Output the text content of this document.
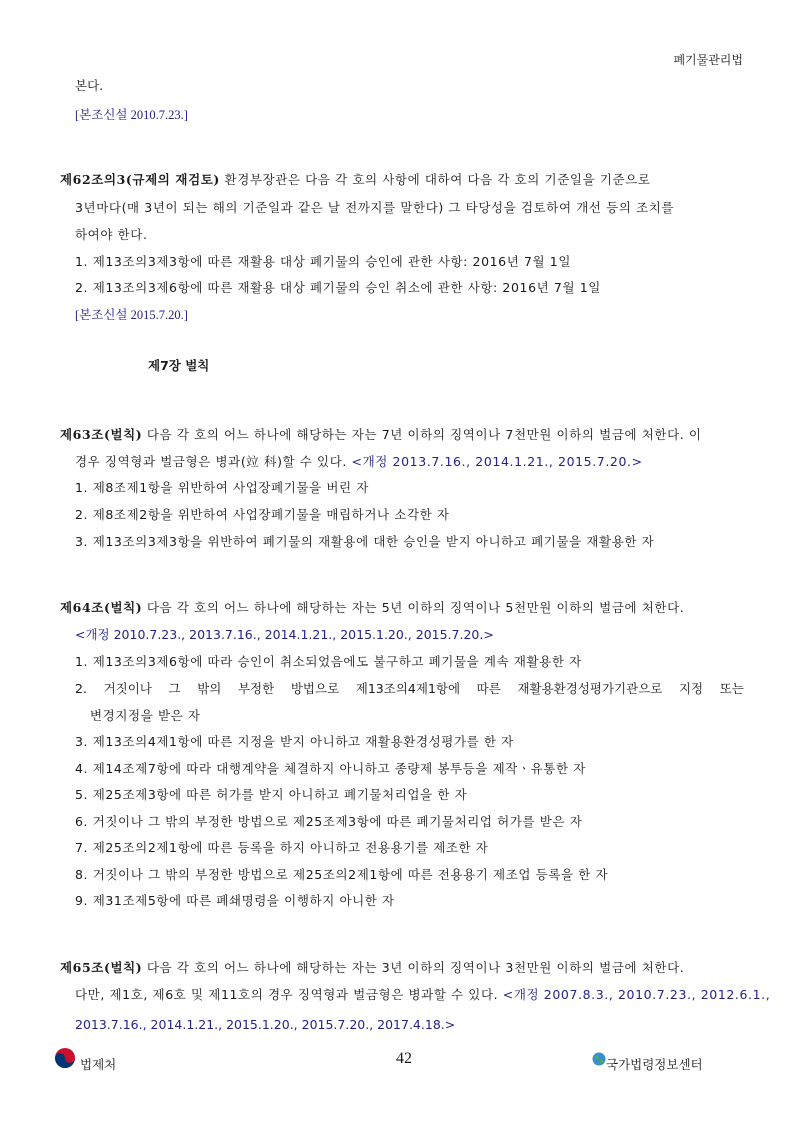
폐기물관리법
본다.
[본조신설 2010.7.23.]
제62조의3(규제의 재검토) 환경부장관은 다음 각 호의 사항에 대하여 다음 각 호의 기준일을 기준으로
3년마다(매 3년이 되는 해의 기준일과 같은 날 전까지를 말한다) 그 타당성을 검토하여 개선 등의 조치를
하여야 한다.
1. 제13조의3제3항에 따른 재활용 대상 폐기물의 승인에 관한 사항: 2016년 7월 1일
2. 제13조의3제6항에 따른 재활용 대상 폐기물의 승인 취소에 관한 사항: 2016년 7월 1일
[본조신설 2015.7.20.]
제7장 벌칙
제63조(벌칙) 다음 각 호의 어느 하나에 해당하는 자는 7년 이하의 징역이나 7천만원 이하의 벌금에 처한다. 이
경우 징역형과 벌금형은 병과(竝 科)할 수 있다. <개정 2013.7.16., 2014.1.21., 2015.7.20.>
1. 제8조제1항을 위반하여 사업장폐기물을 버린 자
2. 제8조제2항을 위반하여 사업장폐기물을 매립하거나 소각한 자
3. 제13조의3제3항을 위반하여 폐기물의 재활용에 대한 승인을 받지 아니하고 폐기물을 재활용한 자
제64조(벌칙) 다음 각 호의 어느 하나에 해당하는 자는 5년 이하의 징역이나 5천만원 이하의 벌금에 처한다.
<개정 2010.7.23., 2013.7.16., 2014.1.21., 2015.1.20., 2015.7.20.>
1. 제13조의3제6항에 따라 승인이 취소되었음에도 불구하고 폐기물을 계속 재활용한 자
2. 거짓이나 그 밖의 부정한 방법으로 제13조의4제1항에 따른 재활용환경성평가기관으로 지정 또는
변경지정을 받은 자
3. 제13조의4제1항에 따른 지정을 받지 아니하고 재활용환경성평가를 한 자
4. 제14조제7항에 따라 대행계약을 체결하지 아니하고 종량제 봉투등을 제작ㆍ유통한 자
5. 제25조제3항에 따른 허가를 받지 아니하고 폐기물처리업을 한 자
6. 거짓이나 그 밖의 부정한 방법으로 제25조제3항에 따른 폐기물처리업 허가를 받은 자
7. 제25조의2제1항에 따른 등록을 하지 아니하고 전용용기를 제조한 자
8. 거짓이나 그 밖의 부정한 방법으로 제25조의2제1항에 따른 전용용기 제조업 등록을 한 자
9. 제31조제5항에 따른 폐쇄명령을 이행하지 아니한 자
제65조(벌칙) 다음 각 호의 어느 하나에 해당하는 자는 3년 이하의 징역이나 3천만원 이하의 벌금에 처한다.
다만, 제1호, 제6호 및 제11호의 경우 징역형과 벌금형은 병과할 수 있다. <개정 2007.8.3., 2010.7.23., 2012.6.1.,
2013.7.16., 2014.1.21., 2015.1.20., 2015.7.20., 2017.4.18.>
법제처	42	국가법령정보센터
